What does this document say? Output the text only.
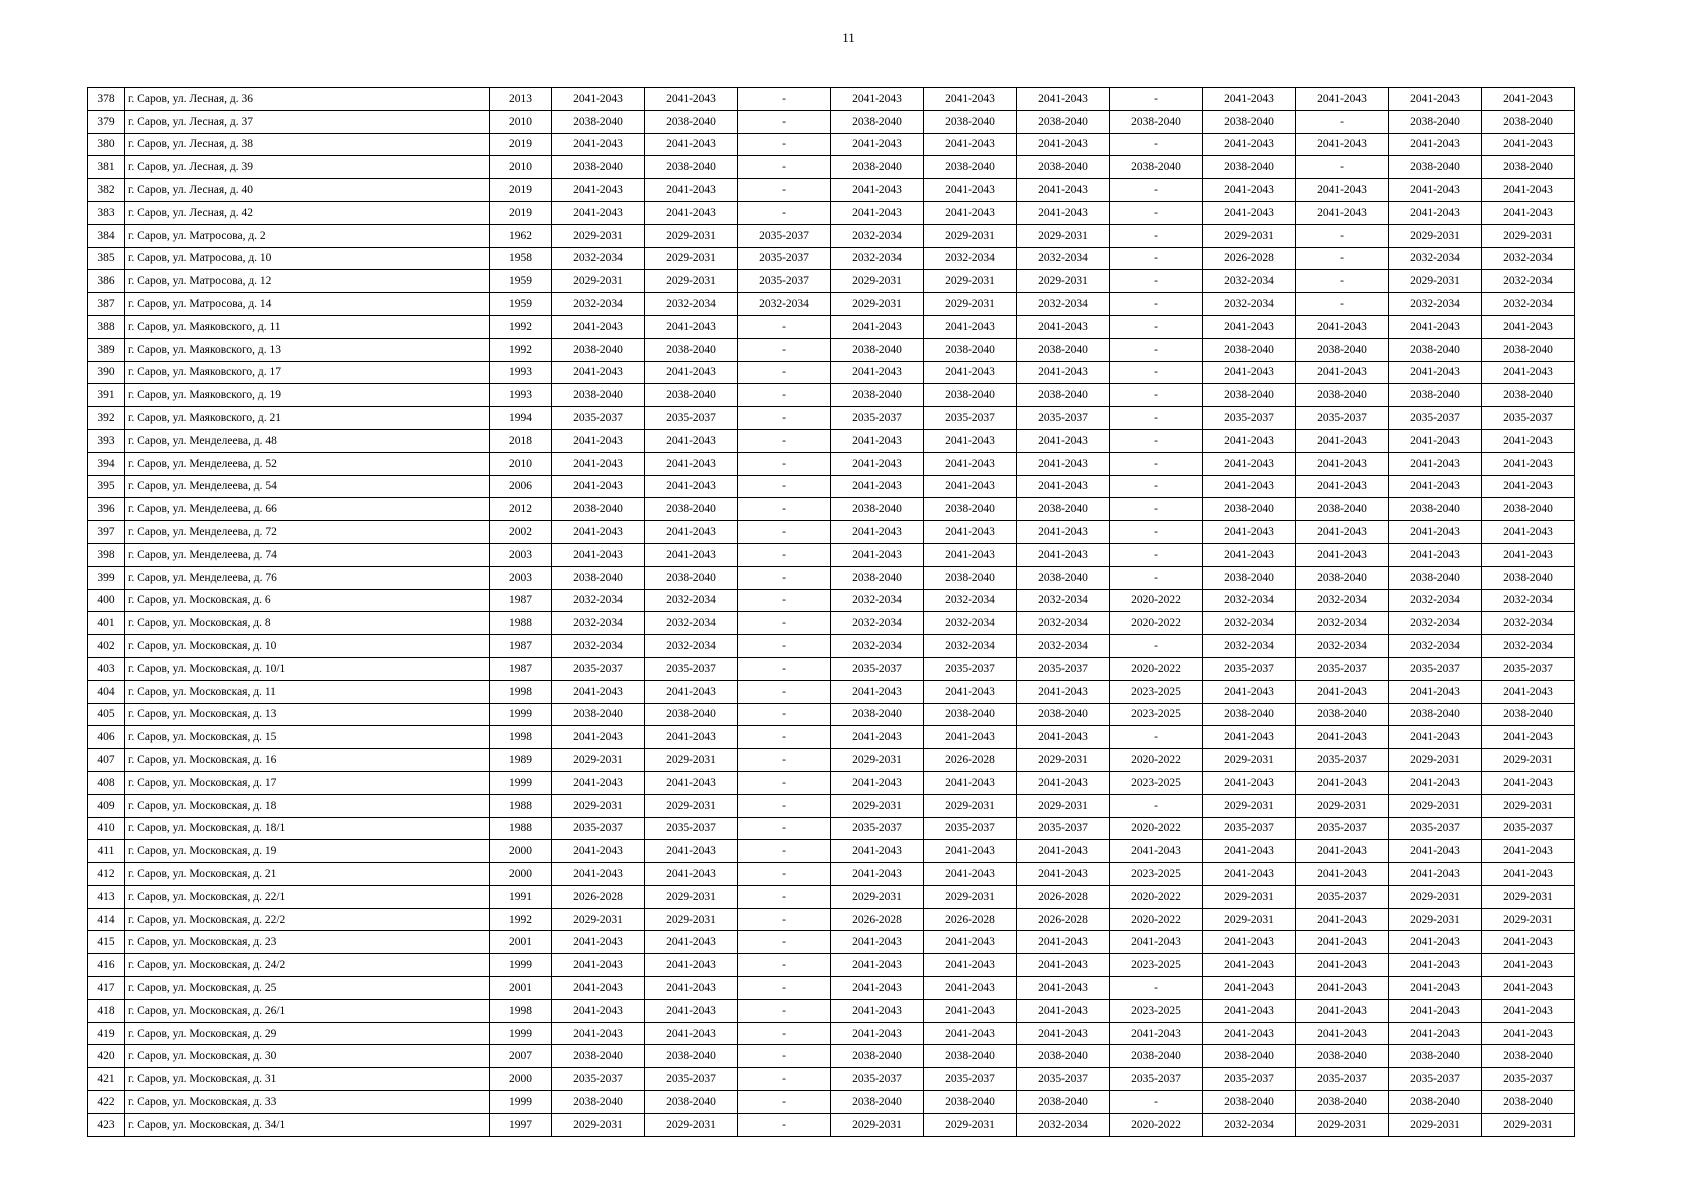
11
378	г. Саров, ул. Лесная, д. 36	2013	2041-2043	2041-2043	-	2041-2043	2041-2043	2041-2043	-	2041-2043	2041-2043	2041-2043	2041-2043
379	г. Саров, ул. Лесная, д. 37	2010	2038-2040	2038-2040	-	2038-2040	2038-2040	2038-2040	2038-2040	2038-2040	-	2038-2040	2038-2040
380	г. Саров, ул. Лесная, д. 38	2019	2041-2043	2041-2043	-	2041-2043	2041-2043	2041-2043	-	2041-2043	2041-2043	2041-2043	2041-2043
381	г. Саров, ул. Лесная, д. 39	2010	2038-2040	2038-2040	-	2038-2040	2038-2040	2038-2040	2038-2040	2038-2040	-	2038-2040	2038-2040
382	г. Саров, ул. Лесная, д. 40	2019	2041-2043	2041-2043	-	2041-2043	2041-2043	2041-2043	-	2041-2043	2041-2043	2041-2043	2041-2043
383	г. Саров, ул. Лесная, д. 42	2019	2041-2043	2041-2043	-	2041-2043	2041-2043	2041-2043	-	2041-2043	2041-2043	2041-2043	2041-2043
384	г. Саров, ул. Матросова, д. 2	1962	2029-2031	2029-2031	2035-2037	2032-2034	2029-2031	2029-2031	-	2029-2031	-	2029-2031	2029-2031
385	г. Саров, ул. Матросова, д. 10	1958	2032-2034	2029-2031	2035-2037	2032-2034	2032-2034	2032-2034	-	2026-2028	-	2032-2034	2032-2034
386	г. Саров, ул. Матросова, д. 12	1959	2029-2031	2029-2031	2035-2037	2029-2031	2029-2031	2029-2031	-	2032-2034	-	2029-2031	2032-2034
387	г. Саров, ул. Матросова, д. 14	1959	2032-2034	2032-2034	2032-2034	2029-2031	2029-2031	2032-2034	-	2032-2034	-	2032-2034	2032-2034
388	г. Саров, ул. Маяковского, д. 11	1992	2041-2043	2041-2043	-	2041-2043	2041-2043	2041-2043	-	2041-2043	2041-2043	2041-2043	2041-2043
389	г. Саров, ул. Маяковского, д. 13	1992	2038-2040	2038-2040	-	2038-2040	2038-2040	2038-2040	-	2038-2040	2038-2040	2038-2040	2038-2040
390	г. Саров, ул. Маяковского, д. 17	1993	2041-2043	2041-2043	-	2041-2043	2041-2043	2041-2043	-	2041-2043	2041-2043	2041-2043	2041-2043
391	г. Саров, ул. Маяковского, д. 19	1993	2038-2040	2038-2040	-	2038-2040	2038-2040	2038-2040	-	2038-2040	2038-2040	2038-2040	2038-2040
392	г. Саров, ул. Маяковского, д. 21	1994	2035-2037	2035-2037	-	2035-2037	2035-2037	2035-2037	-	2035-2037	2035-2037	2035-2037	2035-2037
393	г. Саров, ул. Менделеева, д. 48	2018	2041-2043	2041-2043	-	2041-2043	2041-2043	2041-2043	-	2041-2043	2041-2043	2041-2043	2041-2043
394	г. Саров, ул. Менделеева, д. 52	2010	2041-2043	2041-2043	-	2041-2043	2041-2043	2041-2043	-	2041-2043	2041-2043	2041-2043	2041-2043
395	г. Саров, ул. Менделеева, д. 54	2006	2041-2043	2041-2043	-	2041-2043	2041-2043	2041-2043	-	2041-2043	2041-2043	2041-2043	2041-2043
396	г. Саров, ул. Менделеева, д. 66	2012	2038-2040	2038-2040	-	2038-2040	2038-2040	2038-2040	-	2038-2040	2038-2040	2038-2040	2038-2040
397	г. Саров, ул. Менделеева, д. 72	2002	2041-2043	2041-2043	-	2041-2043	2041-2043	2041-2043	-	2041-2043	2041-2043	2041-2043	2041-2043
398	г. Саров, ул. Менделеева, д. 74	2003	2041-2043	2041-2043	-	2041-2043	2041-2043	2041-2043	-	2041-2043	2041-2043	2041-2043	2041-2043
399	г. Саров, ул. Менделеева, д. 76	2003	2038-2040	2038-2040	-	2038-2040	2038-2040	2038-2040	-	2038-2040	2038-2040	2038-2040	2038-2040
400	г. Саров, ул. Московская, д. 6	1987	2032-2034	2032-2034	-	2032-2034	2032-2034	2032-2034	2020-2022	2032-2034	2032-2034	2032-2034	2032-2034
401	г. Саров, ул. Московская, д. 8	1988	2032-2034	2032-2034	-	2032-2034	2032-2034	2032-2034	2020-2022	2032-2034	2032-2034	2032-2034	2032-2034
402	г. Саров, ул. Московская, д. 10	1987	2032-2034	2032-2034	-	2032-2034	2032-2034	2032-2034	-	2032-2034	2032-2034	2032-2034	2032-2034
403	г. Саров, ул. Московская, д. 10/1	1987	2035-2037	2035-2037	-	2035-2037	2035-2037	2035-2037	2020-2022	2035-2037	2035-2037	2035-2037	2035-2037
404	г. Саров, ул. Московская, д. 11	1998	2041-2043	2041-2043	-	2041-2043	2041-2043	2041-2043	2023-2025	2041-2043	2041-2043	2041-2043	2041-2043
405	г. Саров, ул. Московская, д. 13	1999	2038-2040	2038-2040	-	2038-2040	2038-2040	2038-2040	2023-2025	2038-2040	2038-2040	2038-2040	2038-2040
406	г. Саров, ул. Московская, д. 15	1998	2041-2043	2041-2043	-	2041-2043	2041-2043	2041-2043	-	2041-2043	2041-2043	2041-2043	2041-2043
407	г. Саров, ул. Московская, д. 16	1989	2029-2031	2029-2031	-	2029-2031	2026-2028	2029-2031	2020-2022	2029-2031	2035-2037	2029-2031	2029-2031
408	г. Саров, ул. Московская, д. 17	1999	2041-2043	2041-2043	-	2041-2043	2041-2043	2041-2043	2023-2025	2041-2043	2041-2043	2041-2043	2041-2043
409	г. Саров, ул. Московская, д. 18	1988	2029-2031	2029-2031	-	2029-2031	2029-2031	2029-2031	-	2029-2031	2029-2031	2029-2031	2029-2031
410	г. Саров, ул. Московская, д. 18/1	1988	2035-2037	2035-2037	-	2035-2037	2035-2037	2035-2037	2020-2022	2035-2037	2035-2037	2035-2037	2035-2037
411	г. Саров, ул. Московская, д. 19	2000	2041-2043	2041-2043	-	2041-2043	2041-2043	2041-2043	2041-2043	2041-2043	2041-2043	2041-2043	2041-2043
412	г. Саров, ул. Московская, д. 21	2000	2041-2043	2041-2043	-	2041-2043	2041-2043	2041-2043	2023-2025	2041-2043	2041-2043	2041-2043	2041-2043
413	г. Саров, ул. Московская, д. 22/1	1991	2026-2028	2029-2031	-	2029-2031	2029-2031	2026-2028	2020-2022	2029-2031	2035-2037	2029-2031	2029-2031
414	г. Саров, ул. Московская, д. 22/2	1992	2029-2031	2029-2031	-	2026-2028	2026-2028	2026-2028	2020-2022	2029-2031	2041-2043	2029-2031	2029-2031
415	г. Саров, ул. Московская, д. 23	2001	2041-2043	2041-2043	-	2041-2043	2041-2043	2041-2043	2041-2043	2041-2043	2041-2043	2041-2043	2041-2043
416	г. Саров, ул. Московская, д. 24/2	1999	2041-2043	2041-2043	-	2041-2043	2041-2043	2041-2043	2023-2025	2041-2043	2041-2043	2041-2043	2041-2043
417	г. Саров, ул. Московская, д. 25	2001	2041-2043	2041-2043	-	2041-2043	2041-2043	2041-2043	-	2041-2043	2041-2043	2041-2043	2041-2043
418	г. Саров, ул. Московская, д. 26/1	1998	2041-2043	2041-2043	-	2041-2043	2041-2043	2041-2043	2023-2025	2041-2043	2041-2043	2041-2043	2041-2043
419	г. Саров, ул. Московская, д. 29	1999	2041-2043	2041-2043	-	2041-2043	2041-2043	2041-2043	2041-2043	2041-2043	2041-2043	2041-2043	2041-2043
420	г. Саров, ул. Московская, д. 30	2007	2038-2040	2038-2040	-	2038-2040	2038-2040	2038-2040	2038-2040	2038-2040	2038-2040	2038-2040	2038-2040
421	г. Саров, ул. Московская, д. 31	2000	2035-2037	2035-2037	-	2035-2037	2035-2037	2035-2037	2035-2037	2035-2037	2035-2037	2035-2037	2035-2037
422	г. Саров, ул. Московская, д. 33	1999	2038-2040	2038-2040	-	2038-2040	2038-2040	2038-2040	-	2038-2040	2038-2040	2038-2040	2038-2040
423	г. Саров, ул. Московская, д. 34/1	1997	2029-2031	2029-2031	-	2029-2031	2029-2031	2032-2034	2020-2022	2032-2034	2029-2031	2029-2031	2029-2031
